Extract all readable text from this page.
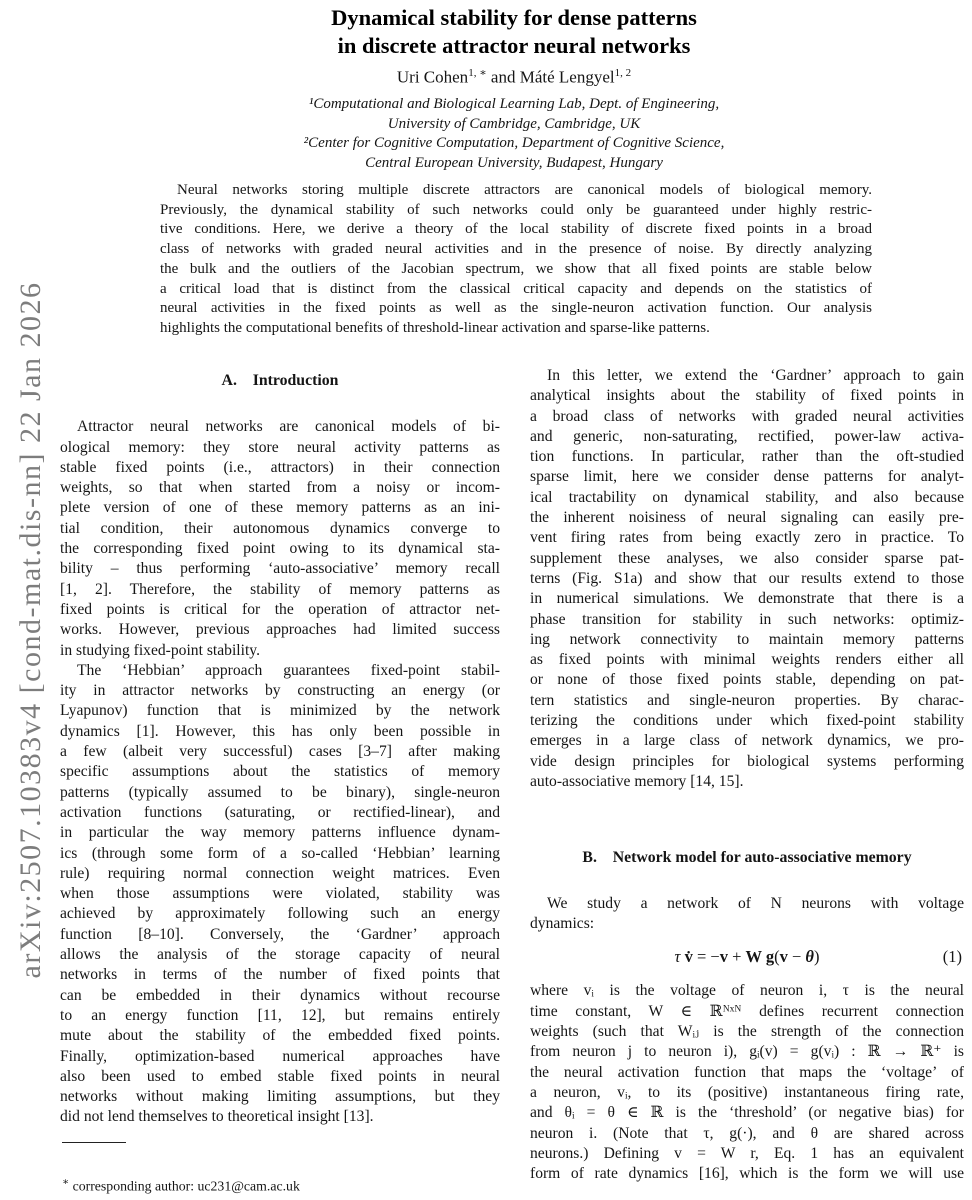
arXiv:2507.10383v4 [cond-mat.dis-nn] 22 Jan 2026
Dynamical stability for dense patterns
in discrete attractor neural networks
Uri Cohen$^{1, ∗}$ and Máté Lengyel$^{1, 2}$
¹Computational and Biological Learning Lab, Dept. of Engineering,
University of Cambridge, Cambridge, UK
²Center for Cognitive Computation, Department of Cognitive Science,
Central European University, Budapest, Hungary
Neural networks storing multiple discrete attractors are canonical models of biological memory.
Previously, the dynamical stability of such networks could only be guaranteed under highly restric-
tive conditions. Here, we derive a theory of the local stability of discrete fixed points in a broad
class of networks with graded neural activities and in the presence of noise. By directly analyzing
the bulk and the outliers of the Jacobian spectrum, we show that all fixed points are stable below
a critical load that is distinct from the classical critical capacity and depends on the statistics of
neural activities in the fixed points as well as the single-neuron activation function. Our analysis
highlights the computational benefits of threshold-linear activation and sparse-like patterns.
A. Introduction
Attractor neural networks are canonical models of bi-
ological memory: they store neural activity patterns as
stable fixed points (i.e., attractors) in their connection
weights, so that when started from a noisy or incom-
plete version of one of these memory patterns as an ini-
tial condition, their autonomous dynamics converge to
the corresponding fixed point owing to its dynamical sta-
bility – thus performing ‘auto-associative’ memory recall
[1, 2]. Therefore, the stability of memory patterns as
fixed points is critical for the operation of attractor net-
works. However, previous approaches had limited success
in studying fixed-point stability.
The ‘Hebbian’ approach guarantees fixed-point stabil-
ity in attractor networks by constructing an energy (or
Lyapunov) function that is minimized by the network
dynamics [1]. However, this has only been possible in
a few (albeit very successful) cases [3–7] after making
specific assumptions about the statistics of memory
patterns (typically assumed to be binary), single-neuron
activation functions (saturating, or rectified-linear), and
in particular the way memory patterns influence dynam-
ics (through some form of a so-called ‘Hebbian’ learning
rule) requiring normal connection weight matrices. Even
when those assumptions were violated, stability was
achieved by approximately following such an energy
function [8–10]. Conversely, the ‘Gardner’ approach
allows the analysis of the storage capacity of neural
networks in terms of the number of fixed points that
can be embedded in their dynamics without recourse
to an energy function [11, 12], but remains entirely
mute about the stability of the embedded fixed points.
Finally, optimization-based numerical approaches have
also been used to embed stable fixed points in neural
networks without making limiting assumptions, but they
did not lend themselves to theoretical insight [13].
In this letter, we extend the ‘Gardner’ approach to gain
analytical insights about the stability of fixed points in
a broad class of networks with graded neural activities
and generic, non-saturating, rectified, power-law activa-
tion functions. In particular, rather than the oft-studied
sparse limit, here we consider dense patterns for analyt-
ical tractability on dynamical stability, and also because
the inherent noisiness of neural signaling can easily pre-
vent firing rates from being exactly zero in practice. To
supplement these analyses, we also consider sparse pat-
terns (Fig. S1a) and show that our results extend to those
in numerical simulations. We demonstrate that there is a
phase transition for stability in such networks: optimiz-
ing network connectivity to maintain memory patterns
as fixed points with minimal weights renders either all
or none of those fixed points stable, depending on pat-
tern statistics and single-neuron properties. By charac-
terizing the conditions under which fixed-point stability
emerges in a large class of network dynamics, we pro-
vide design principles for biological systems performing
auto-associative memory [14, 15].
B. Network model for auto-associative memory
We study a network of N neurons with voltage
dynamics:
τ v̇ = −v + W g(v − θ)	(1)
where vᵢ is the voltage of neuron i, τ is the neural
time constant, W ∈ ℝᴺˣᴺ defines recurrent connection
weights (such that Wᵢⱼ is the strength of the connection
from neuron j to neuron i), gᵢ(v) = g(vᵢ) : ℝ → ℝ⁺ is
the neural activation function that maps the ‘voltage’ of
a neuron, vᵢ, to its (positive) instantaneous firing rate,
and θᵢ = θ ∈ ℝ is the ‘threshold’ (or negative bias) for
neuron i. (Note that τ, g(·), and θ are shared across
neurons.) Defining v = W r, Eq. 1 has an equivalent
form of rate dynamics [16], which is the form we will use
∗ corresponding author: uc231@cam.ac.uk
